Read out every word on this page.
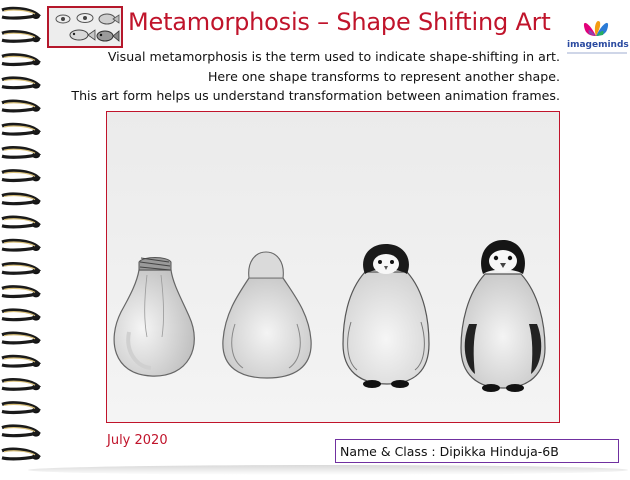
Metamorphosis – Shape Shifting Art
Visual metamorphosis is the term used to indicate shape-shifting in art.
Here one shape transforms to represent another shape.
This art form helps us understand transformation between animation frames.
imageminds
July 2020
Name & Class : Dipikka Hinduja-6B
